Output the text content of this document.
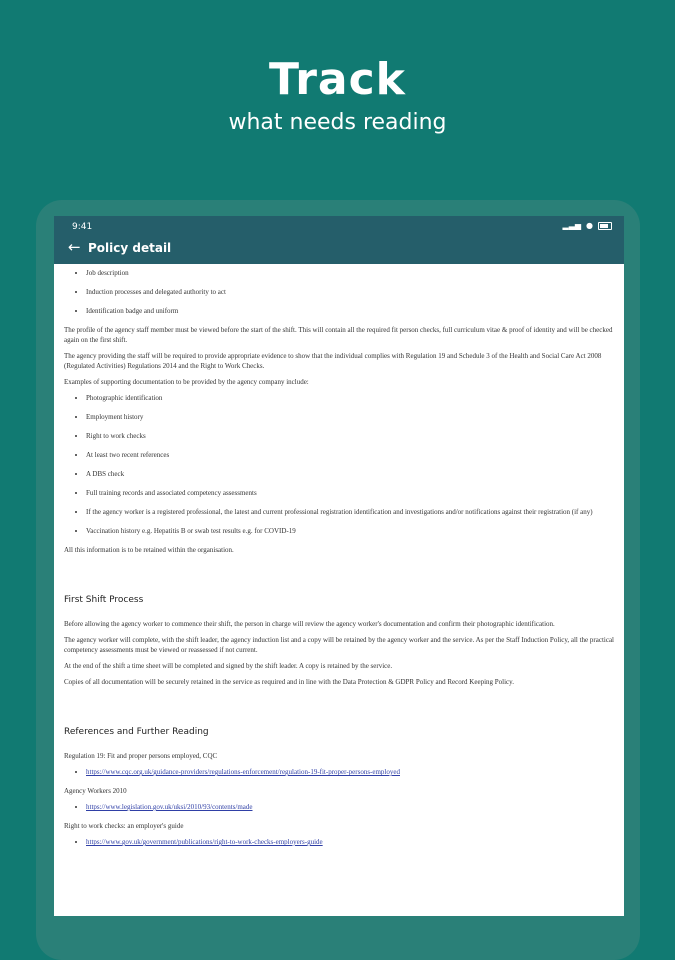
Track
what needs reading
9:41	▂▃▅ ●
← Policy detail
• Job description
• Induction processes and delegated authority to act
• Identification badge and uniform

The profile of the agency staff member must be viewed before the start of the shift. This will contain all the required fit person checks, full curriculum vitae & proof of identity and will be checked again on the first shift.

The agency providing the staff will be required to provide appropriate evidence to show that the individual complies with Regulation 19 and Schedule 3 of the Health and Social Care Act 2008 (Regulated Activities) Regulations 2014 and the Right to Work Checks.

Examples of supporting documentation to be provided by the agency company include:

• Photographic identification
• Employment history
• Right to work checks
• At least two recent references
• A DBS check
• Full training records and associated competency assessments
• If the agency worker is a registered professional, the latest and current professional registration identification and investigations and/or notifications against their registration (if any)
• Vaccination history e.g. Hepatitis B or swab test results e.g. for COVID-19

All this information is to be retained within the organisation.

First Shift Process

Before allowing the agency worker to commence their shift, the person in charge will review the agency worker's documentation and confirm their photographic identification.

The agency worker will complete, with the shift leader, the agency induction list and a copy will be retained by the agency worker and the service. As per the Staff Induction Policy, all the practical competency assessments must be viewed or reassessed if not current.

At the end of the shift a time sheet will be completed and signed by the shift leader. A copy is retained by the service.

Copies of all documentation will be securely retained in the service as required and in line with the Data Protection & GDPR Policy and Record Keeping Policy.

References and Further Reading

Regulation 19: Fit and proper persons employed, CQC

• https://www.cqc.org.uk/guidance-providers/regulations-enforcement/regulation-19-fit-proper-persons-employed

Agency Workers 2010

• https://www.legislation.gov.uk/uksi/2010/93/contents/made

Right to work checks: an employer's guide

• https://www.gov.uk/government/publications/right-to-work-checks-employers-guide
